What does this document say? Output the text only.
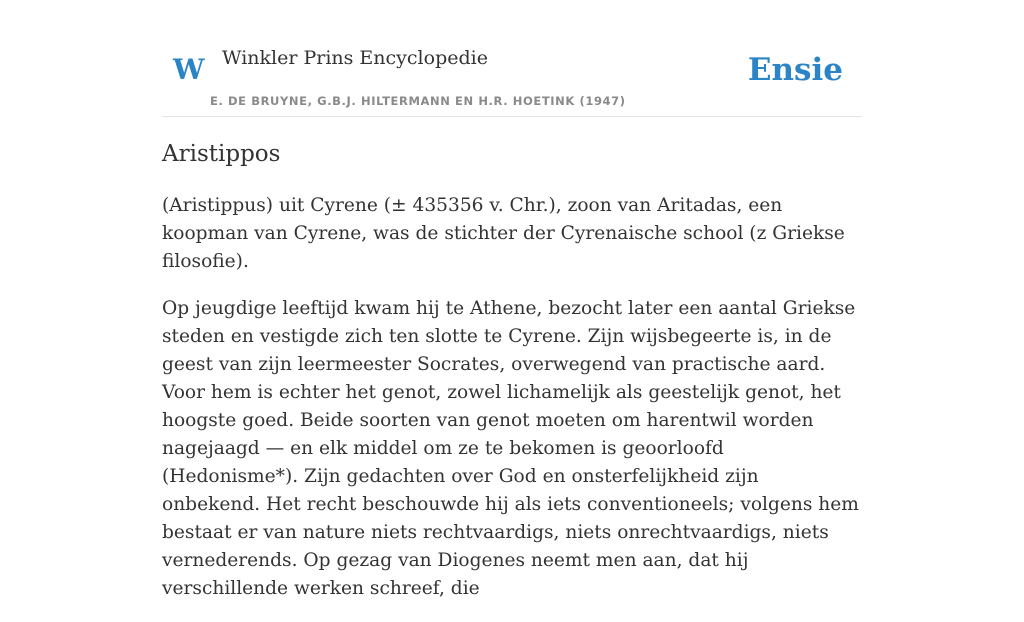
W Winkler Prins Encyclopedie
E. DE BRUYNE, G.B.J. HILTERMANN EN H.R. HOETINK (1947)
Ensie
Aristippos

(Aristippus) uit Cyrene (± 435356 v. Chr.), zoon van Aritadas, een koopman van Cyrene, was de stichter der Cyrenaische school (z Griekse filosofie).

Op jeugdige leeftijd kwam hij te Athene, bezocht later een aantal Griekse steden en vestigde zich ten slotte te Cyrene. Zijn wijsbegeerte is, in de geest van zijn leermeester Socrates, overwegend van practische aard. Voor hem is echter het genot, zowel lichamelijk als geestelijk genot, het hoogste goed. Beide soorten van genot moeten om harentwil worden nagejaagd — en elk middel om ze te bekomen is geoorloofd (Hedonisme*). Zijn gedachten over God en onsterfelijkheid zijn onbekend. Het recht beschouwde hij als iets conventioneels; volgens hem bestaat er van nature niets rechtvaardigs, niets onrechtvaardigs, niets vernederends. Op gezag van Diogenes neemt men aan, dat hij verschillende werken schreef, die
